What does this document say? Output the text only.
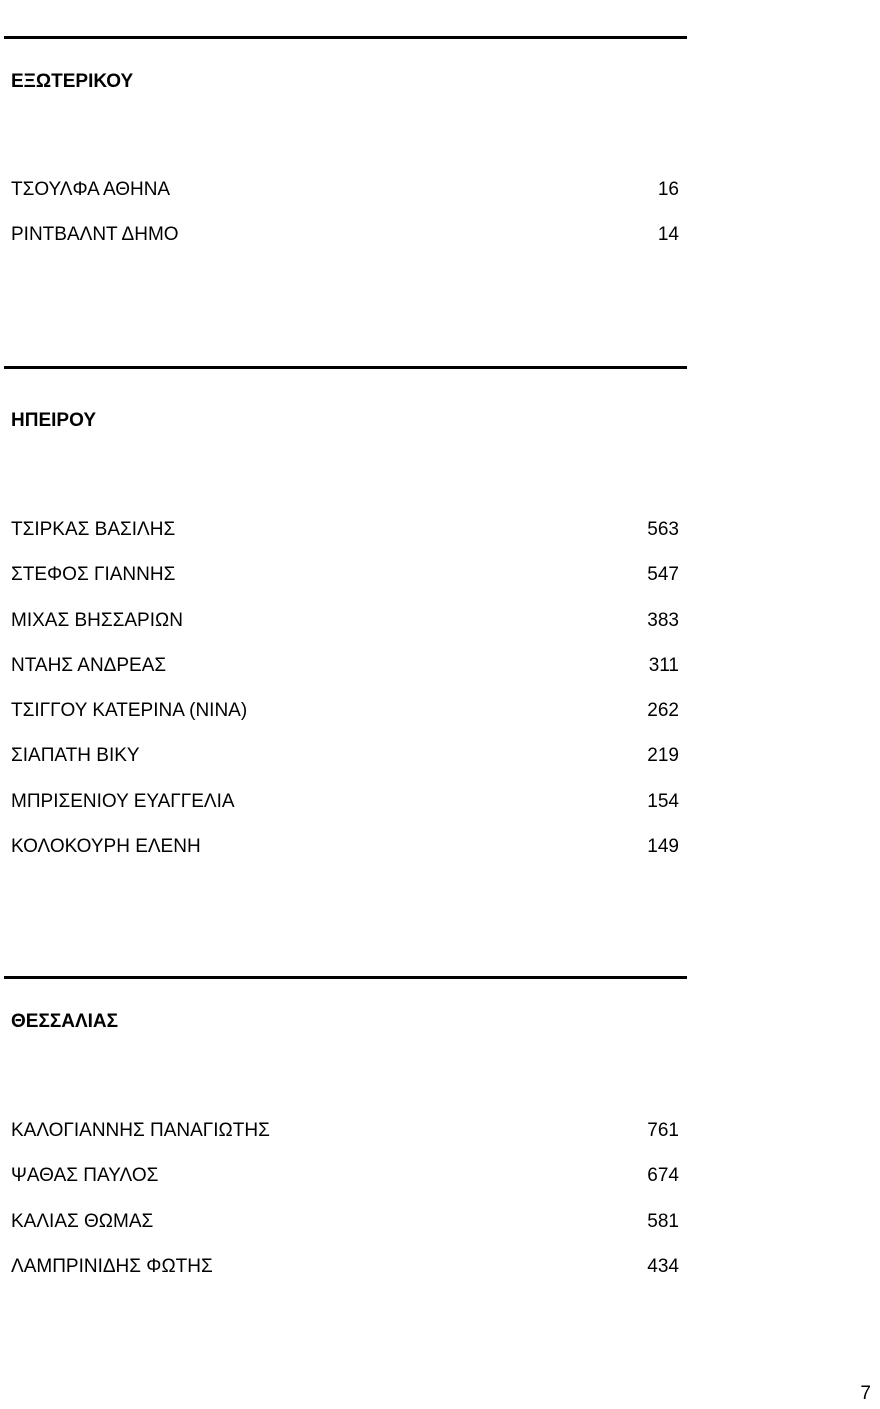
ΕΞΩΤΕΡΙΚΟΥ
ΤΣΟΥΛΦΑ ΑΘΗΝΑ	16
ΡΙΝΤΒΑΛΝΤ ΔΗΜΟ	14
ΗΠΕΙΡΟΥ
ΤΣΙΡΚΑΣ ΒΑΣΙΛΗΣ	563
ΣΤΕΦΟΣ ΓΙΑΝΝΗΣ	547
ΜΙΧΑΣ ΒΗΣΣΑΡΙΩΝ	383
ΝΤΑΗΣ ΑΝΔΡΕΑΣ	311
ΤΣΙΓΓΟΥ ΚΑΤΕΡΙΝΑ (ΝΙΝΑ)	262
ΣΙΑΠΑΤΗ ΒΙΚΥ	219
ΜΠΡΙΣΕΝΙΟΥ ΕΥΑΓΓΕΛΙΑ	154
ΚΟΛΟΚΟΥΡΗ ΕΛΕΝΗ	149
ΘΕΣΣΑΛΙΑΣ
ΚΑΛΟΓΙΑΝΝΗΣ ΠΑΝΑΓΙΩΤΗΣ	761
ΨΑΘΑΣ ΠΑΥΛΟΣ	674
ΚΑΛΙΑΣ ΘΩΜΑΣ	581
ΛΑΜΠΡΙΝΙΔΗΣ ΦΩΤΗΣ	434
7
